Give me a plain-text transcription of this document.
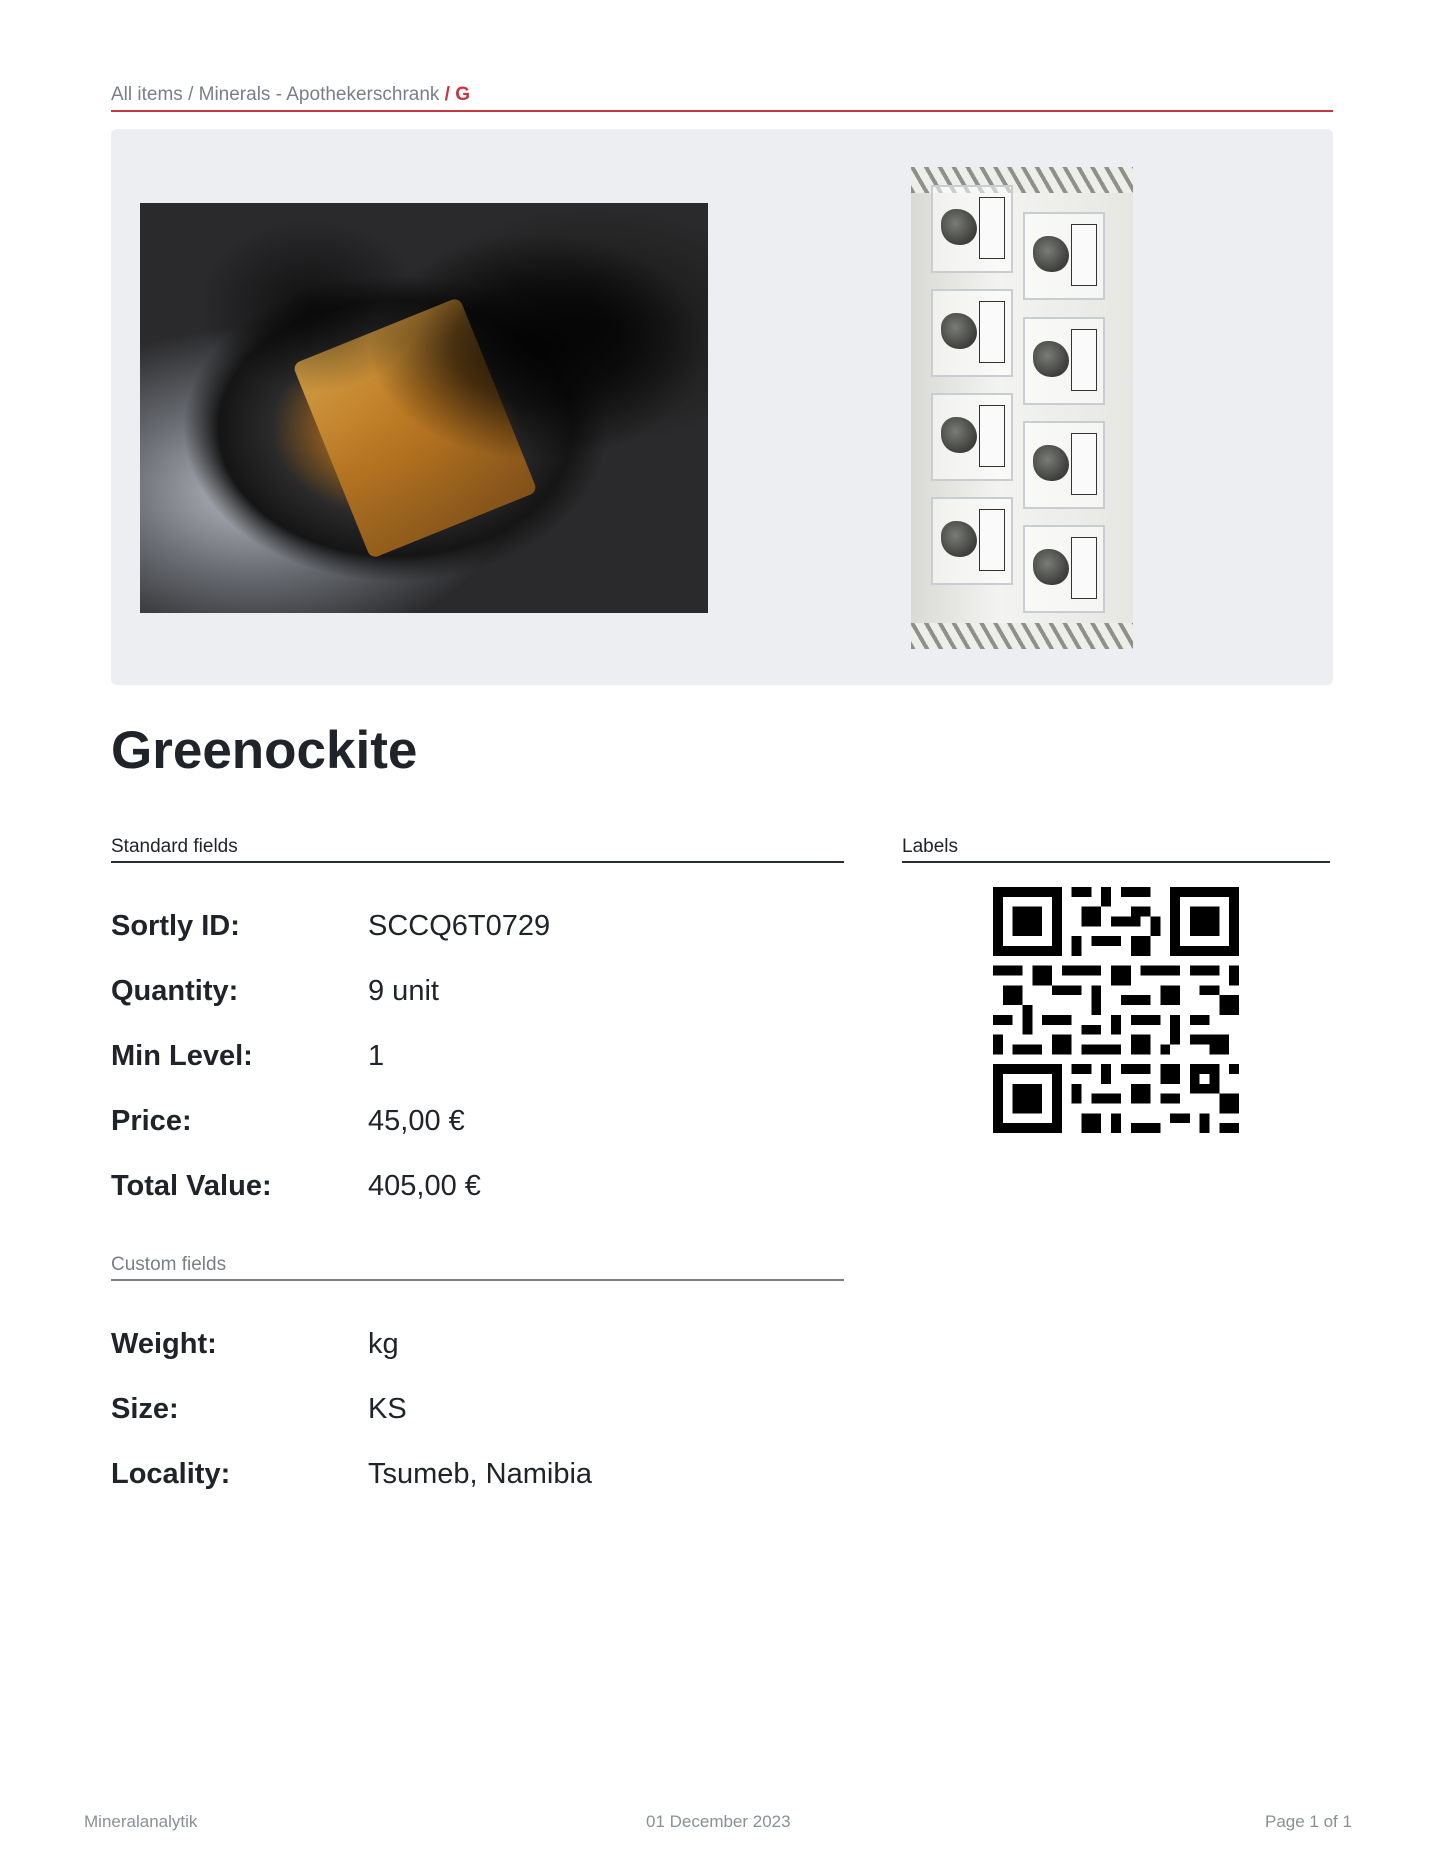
All items / Minerals - Apothekerschrank / G
Greenockite
Standard fields	Labels
Sortly ID:	SCCQ6T0729
Quantity:	9 unit
Min Level:	1
Price:	45,00 €
Total Value:	405,00 €
Custom fields
Weight:	kg
Size:	KS
Locality:	Tsumeb, Namibia
Mineralanalytik	01 December 2023	Page 1 of 1
